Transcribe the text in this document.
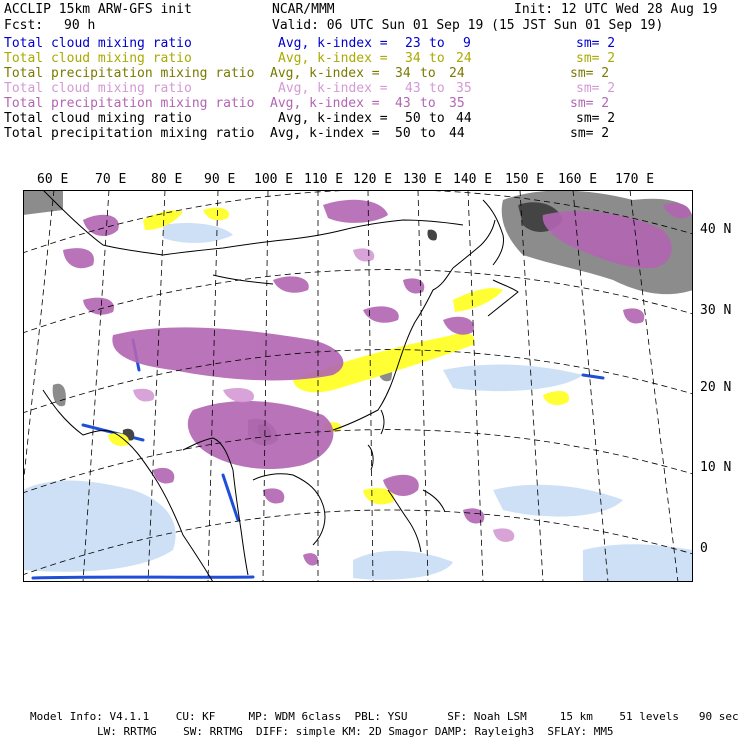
ACCLIP 15km ARW-GFS init	NCAR/MMM	Init: 12 UTC Wed 28 Aug 19
Fcst: 90 h	Valid: 06 UTC Sun 01 Sep 19 (15 JST Sun 01 Sep 19)
Total cloud mixing ratio	Avg, k-index = 23 to 9	sm= 2
Total cloud mixing ratio	Avg, k-index = 34 to 24	sm= 2
Total precipitation mixing ratio Avg, k-index = 34 to 24	sm= 2
Total cloud mixing ratio	Avg, k-index = 43 to 35	sm= 2
Total precipitation mixing ratio Avg, k-index = 43 to 35	sm= 2
Total cloud mixing ratio	Avg, k-index = 50 to 44	sm= 2
Total precipitation mixing ratio Avg, k-index = 50 to 44	sm= 2
60 E 70 E 80 E 90 E 100 E 110 E 120 E 130 E 140 E 150 E 160 E 170 E
40 N
30 N
20 N
10 N
0
Model Info: V4.1.1    CU: KF     MP: WDM 6class  PBL: YSU      SF: Noah LSM     15 km    51 levels   90 sec
LW: RRTMG    SW: RRTMG  DIFF: simple KM: 2D Smagor DAMP: Rayleigh3  SFLAY: MM5
